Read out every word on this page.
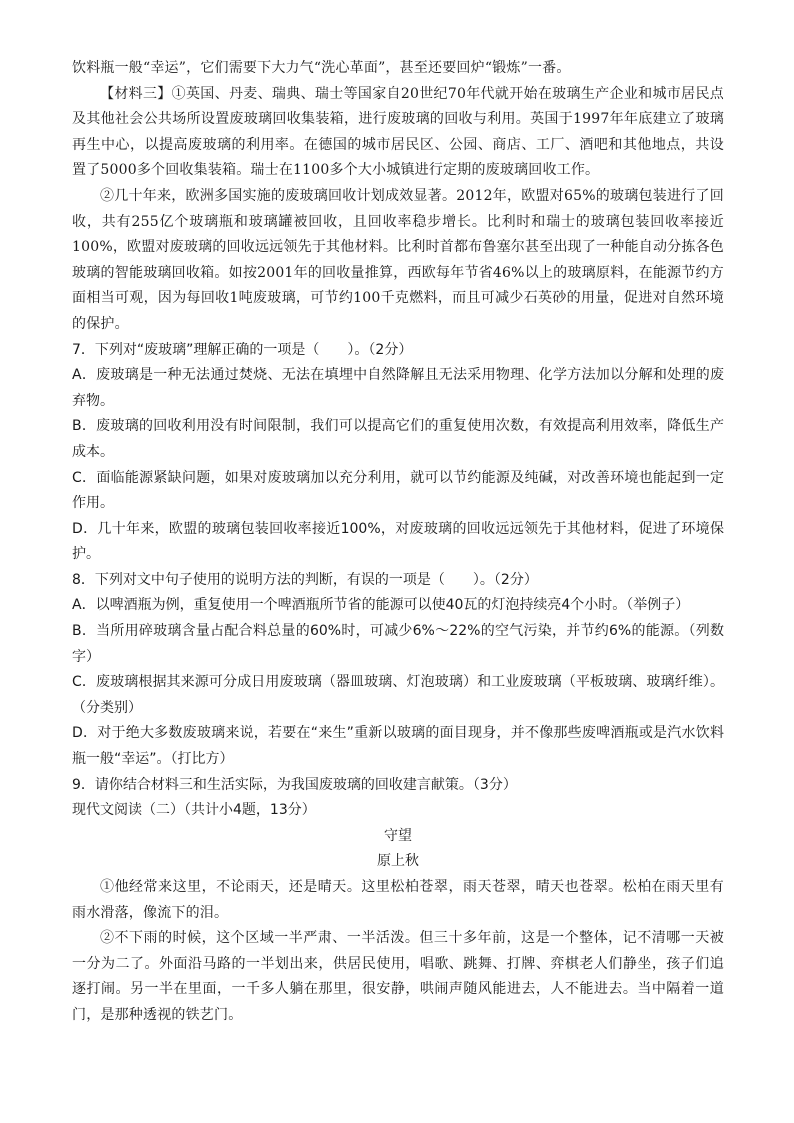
饮料瓶一般“幸运”，它们需要下大力气“洗心革面”，甚至还要回炉“锻炼”一番。

【材料三】①英国、丹麦、瑞典、瑞士等国家自20世纪70年代就开始在玻璃生产企业和城市居民点及其他社会公共场所设置废玻璃回收集装箱，进行废玻璃的回收与利用。英国于1997年年底建立了玻璃再生中心，以提高废玻璃的利用率。在德国的城市居民区、公园、商店、工厂、酒吧和其他地点，共设置了5000多个回收集装箱。瑞士在1100多个大小城镇进行定期的废玻璃回收工作。

②几十年来，欧洲多国实施的废玻璃回收计划成效显著。2012年，欧盟对65%的玻璃包装进行了回收，共有255亿个玻璃瓶和玻璃罐被回收，且回收率稳步增长。比利时和瑞士的玻璃包装回收率接近100%，欧盟对废玻璃的回收远远领先于其他材料。比利时首都布鲁塞尔甚至出现了一种能自动分拣各色玻璃的智能玻璃回收箱。如按2001年的回收量推算，西欧每年节省46%以上的玻璃原料，在能源节约方面相当可观，因为每回收1吨废玻璃，可节约100千克燃料，而且可减少石英砂的用量，促进对自然环境的保护。

7．下列对“废玻璃”理解正确的一项是（　　）。（2分）

A．废玻璃是一种无法通过焚烧、无法在填埋中自然降解且无法采用物理、化学方法加以分解和处理的废弃物。

B．废玻璃的回收利用没有时间限制，我们可以提高它们的重复使用次数，有效提高利用效率，降低生产成本。

C．面临能源紧缺问题，如果对废玻璃加以充分利用，就可以节约能源及纯碱，对改善环境也能起到一定作用。

D．几十年来，欧盟的玻璃包装回收率接近100%，对废玻璃的回收远远领先于其他材料，促进了环境保护。

8．下列对文中句子使用的说明方法的判断，有误的一项是（　　）。（2分）

A．以啤酒瓶为例，重复使用一个啤酒瓶所节省的能源可以使40瓦的灯泡持续亮4个小时。（举例子）

B．当所用碎玻璃含量占配合料总量的60%时，可减少6%～22%的空气污染，并节约6%的能源。（列数字）

C．废玻璃根据其来源可分成日用废玻璃（器皿玻璃、灯泡玻璃）和工业废玻璃（平板玻璃、玻璃纤维）。（分类别）

D．对于绝大多数废玻璃来说，若要在“来生”重新以玻璃的面目现身，并不像那些废啤酒瓶或是汽水饮料瓶一般“幸运”。（打比方）

9．请你结合材料三和生活实际，为我国废玻璃的回收建言献策。（3分）

现代文阅读（二）（共计小4题，13分）

守望

原上秋

①他经常来这里，不论雨天，还是晴天。这里松柏苍翠，雨天苍翠，晴天也苍翠。松柏在雨天里有雨水滑落，像流下的泪。

②不下雨的时候，这个区域一半严肃、一半活泼。但三十多年前，这是一个整体，记不清哪一天被一分为二了。外面沿马路的一半划出来，供居民使用，唱歌、跳舞、打牌、弈棋老人们静坐，孩子们追逐打闹。另一半在里面，一千多人躺在那里，很安静，哄闹声随风能进去，人不能进去。当中隔着一道门，是那种透视的铁艺门。
